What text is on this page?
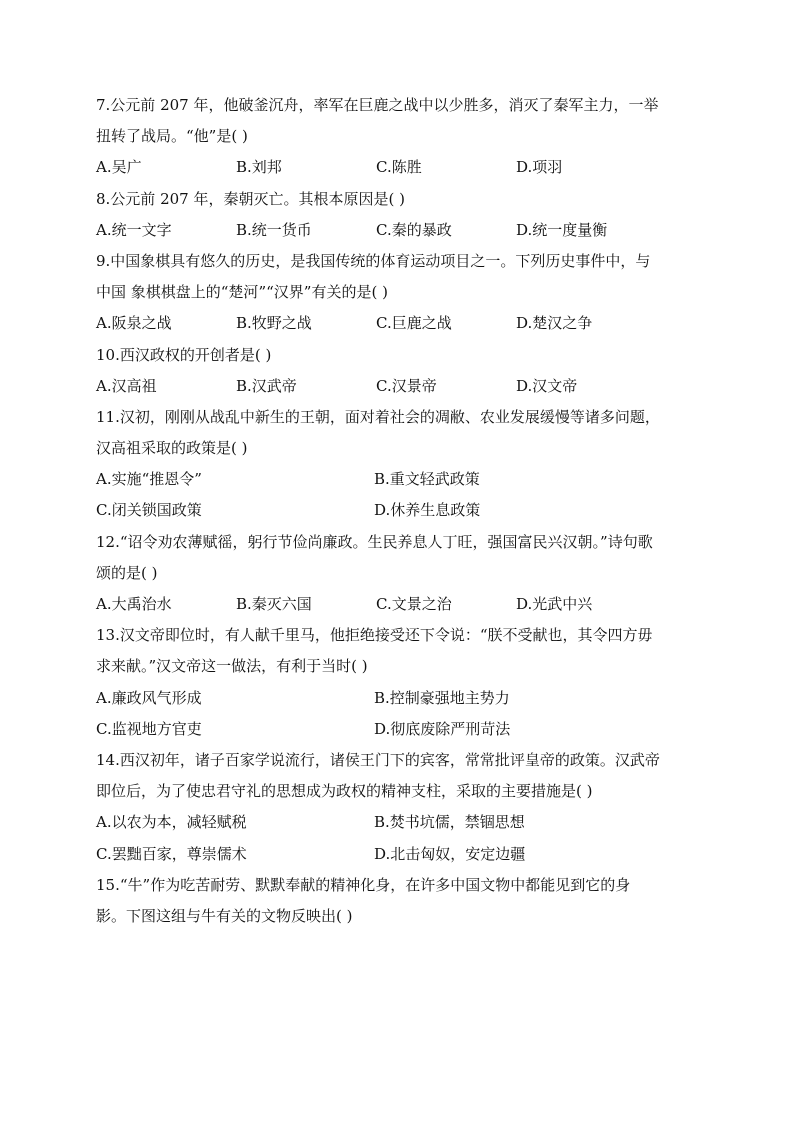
7.公元前 207 年，他破釜沉舟，率军在巨鹿之战中以少胜多，消灭了秦军主力，一举
扭转了战局。“他”是( )
A.吴广	B.刘邦	C.陈胜	D.项羽
8.公元前 207 年，秦朝灭亡。其根本原因是( )
A.统一文字	B.统一货币	C.秦的暴政	D.统一度量衡
9.中国象棋具有悠久的历史，是我国传统的体育运动项目之一。下列历史事件中，与
中国 象棋棋盘上的“楚河”“汉界”有关的是( )
A.阪泉之战	B.牧野之战	C.巨鹿之战	D.楚汉之争
10.西汉政权的开创者是( )
A.汉高祖	B.汉武帝	C.汉景帝	D.汉文帝
11.汉初，刚刚从战乱中新生的王朝，面对着社会的凋敝、农业发展缓慢等诸多问题，
汉高祖采取的政策是( )
A.实施“推恩令”	B.重文轻武政策
C.闭关锁国政策	D.休养生息政策
12.“诏令劝农薄赋徭，躬行节俭尚廉政。生民养息人丁旺，强国富民兴汉朝。”诗句歌
颂的是( )
A.大禹治水	B.秦灭六国	C.文景之治	D.光武中兴
13.汉文帝即位时，有人献千里马，他拒绝接受还下令说：“朕不受献也，其令四方毋
求来献。”汉文帝这一做法，有利于当时( )
A.廉政风气形成	B.控制豪强地主势力
C.监视地方官吏	D.彻底废除严刑苛法
14.西汉初年，诸子百家学说流行，诸侯王门下的宾客，常常批评皇帝的政策。汉武帝
即位后，为了使忠君守礼的思想成为政权的精神支柱，采取的主要措施是( )
A.以农为本，减轻赋税	B.焚书坑儒，禁锢思想
C.罢黜百家，尊崇儒术	D.北击匈奴，安定边疆
15.“牛”作为吃苦耐劳、默默奉献的精神化身，在许多中国文物中都能见到它的身
影。下图这组与牛有关的文物反映出( )
